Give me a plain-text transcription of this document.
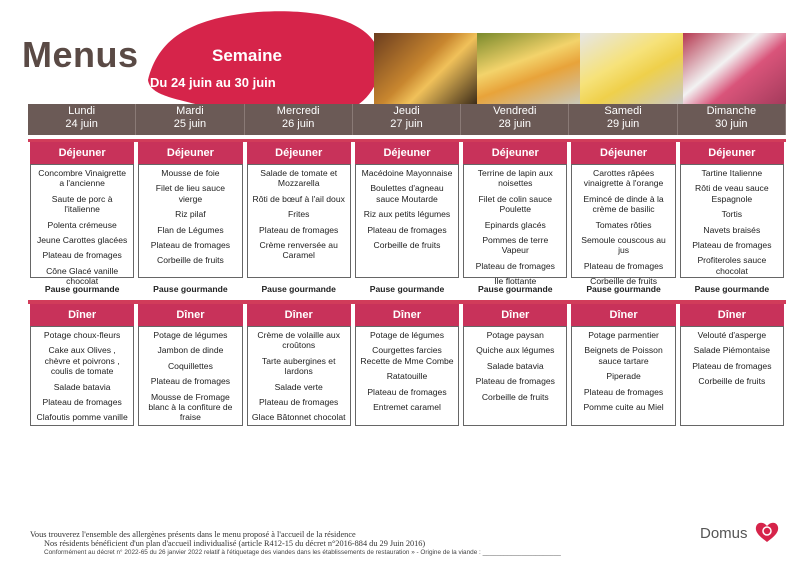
Menus	Semaine
Du 24 juin au 30 juin
Lundi
24 juin
Déjeuner
Concombre Vinaigrette a l'ancienne
Saute de porc à l'italienne
Polenta crémeuse
Jeune Carottes glacées
Plateau de fromages
Cône Glacé vanille chocolat
Pause gourmande
Dîner
Potage choux-fleurs
Cake aux Olives , chèvre et poivrons , coulis de tomate
Salade batavia
Plateau de fromages
Clafoutis pomme vanille
Mardi
25 juin
Déjeuner
Mousse de foie
Filet de lieu sauce vierge
Riz pilaf
Flan de Légumes
Plateau de fromages
Corbeille de fruits
Pause gourmande
Dîner
Potage de légumes
Jambon de dinde
Coquillettes
Plateau de fromages
Mousse de Fromage blanc à la confiture de fraise
Mercredi
26 juin
Déjeuner
Salade de tomate et Mozzarella
Rôti de bœuf à l'ail doux
Frites
Plateau de fromages
Crème renversée au Caramel
Pause gourmande
Dîner
Crème de volaille aux croûtons
Tarte aubergines et lardons
Salade verte
Plateau de fromages
Glace Bâtonnet chocolat
Jeudi
27 juin
Déjeuner
Macédoine Mayonnaise
Boulettes d'agneau sauce Moutarde
Riz aux petits légumes
Plateau de fromages
Corbeille de fruits
Pause gourmande
Dîner
Potage de légumes
Courgettes farcies Recette de Mme Combe
Ratatouille
Plateau de fromages
Entremet caramel
Vendredi
28 juin
Déjeuner
Terrine de lapin aux noisettes
Filet de colin sauce Poulette
Epinards glacés
Pommes de terre Vapeur
Plateau de fromages
Ile flottante
Pause gourmande
Dîner
Potage paysan
Quiche aux légumes
Salade batavia
Plateau de fromages
Corbeille de fruits
Samedi
29 juin
Déjeuner
Carottes râpées vinaigrette à l'orange
Emincé de dinde à la crème de basilic
Tomates rôties
Semoule couscous au jus
Plateau de fromages
Corbeille de fruits
Pause gourmande
Dîner
Potage parmentier
Beignets de Poisson sauce tartare
Piperade
Plateau de fromages
Pomme cuite au Miel
Dimanche
30 juin
Déjeuner
Tartine Italienne
Rôti de veau sauce Espagnole
Tortis
Navets braisés
Plateau de fromages
Profiteroles sauce chocolat
Pause gourmande
Dîner
Velouté d'asperge
Salade Piémontaise
Plateau de fromages
Corbeille de fruits
Vous trouverez l'ensemble des allergènes présents dans le menu proposé à l'accueil de la résidence
Nos résidents bénéficient d'un plan d'accueil individualisé (article R412-15 du décret n°2016-884 du 29 Juin 2016)
Conformément au décret n° 2022-65 du 26 janvier 2022 relatif à l'étiquetage des viandes dans les établissements de restauration » - Origine de la viande : ______________________
Domus
